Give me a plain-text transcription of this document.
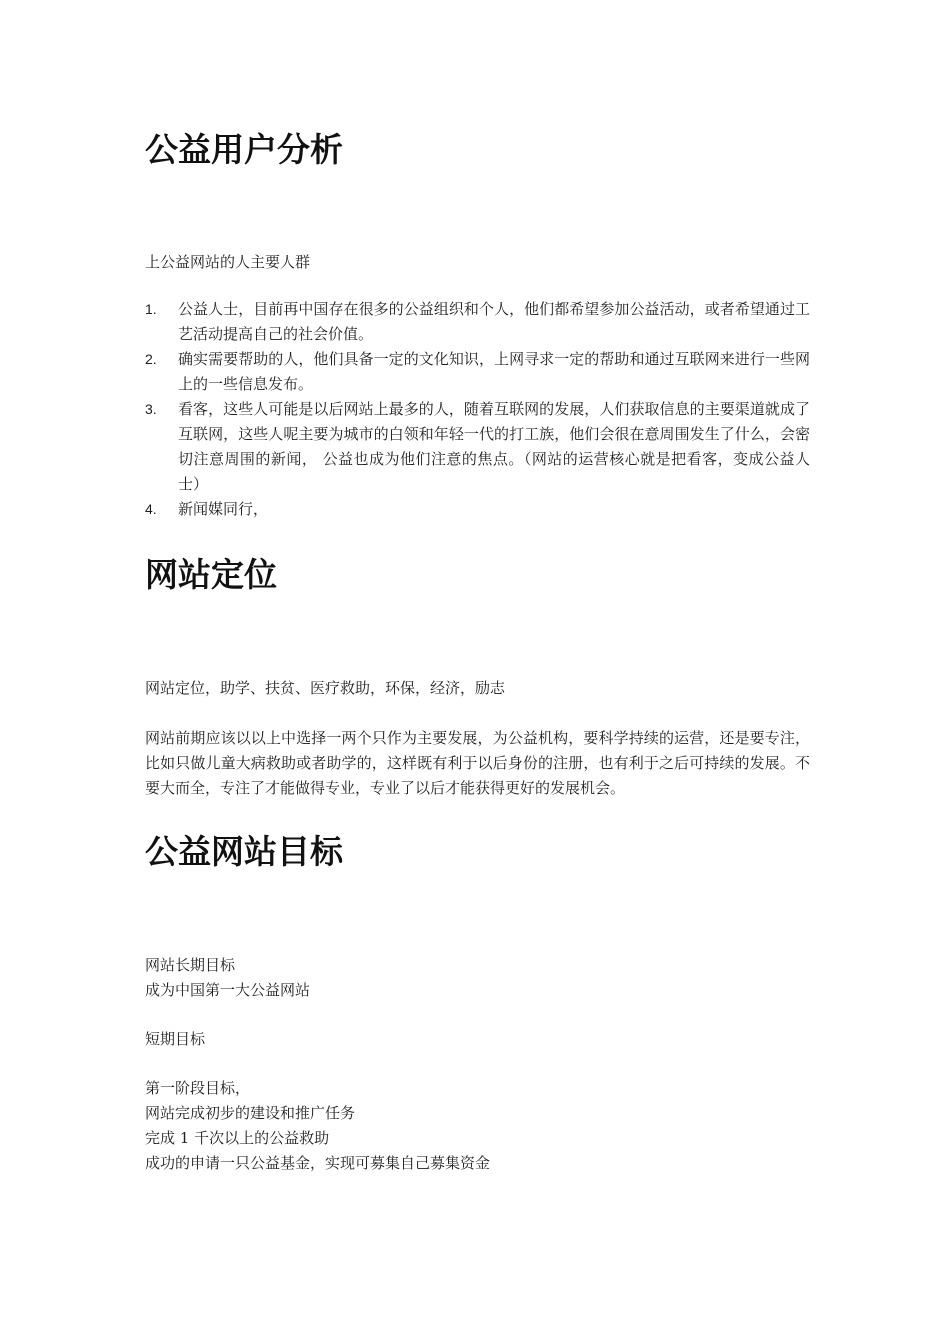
公益用户分析

上公益网站的人主要人群

1. 公益人士，目前再中国存在很多的公益组织和个人，他们都希望参加公益活动，或者希望通过工艺活动提高自己的社会价值。
2. 确实需要帮助的人，他们具备一定的文化知识，上网寻求一定的帮助和通过互联网来进行一些网上的一些信息发布。
3. 看客，这些人可能是以后网站上最多的人，随着互联网的发展，人们获取信息的主要渠道就成了互联网，这些人呢主要为城市的白领和年轻一代的打工族，他们会很在意周围发生了什么，会密切注意周围的新闻， 公益也成为他们注意的焦点。（网站的运营核心就是把看客，变成公益人士）
4. 新闻媒同行，
网站定位

网站定位，助学、扶贫、医疗救助，环保，经济，励志

网站前期应该以以上中选择一两个只作为主要发展，为公益机构，要科学持续的运营，还是要专注，比如只做儿童大病救助或者助学的，这样既有利于以后身份的注册，也有利于之后可持续的发展。不要大而全，专注了才能做得专业，专业了以后才能获得更好的发展机会。

公益网站目标

网站长期目标

成为中国第一大公益网站

短期目标

第一阶段目标，

网站完成初步的建设和推广任务

完成 1 千次以上的公益救助

成功的申请一只公益基金，实现可募集自己募集资金
